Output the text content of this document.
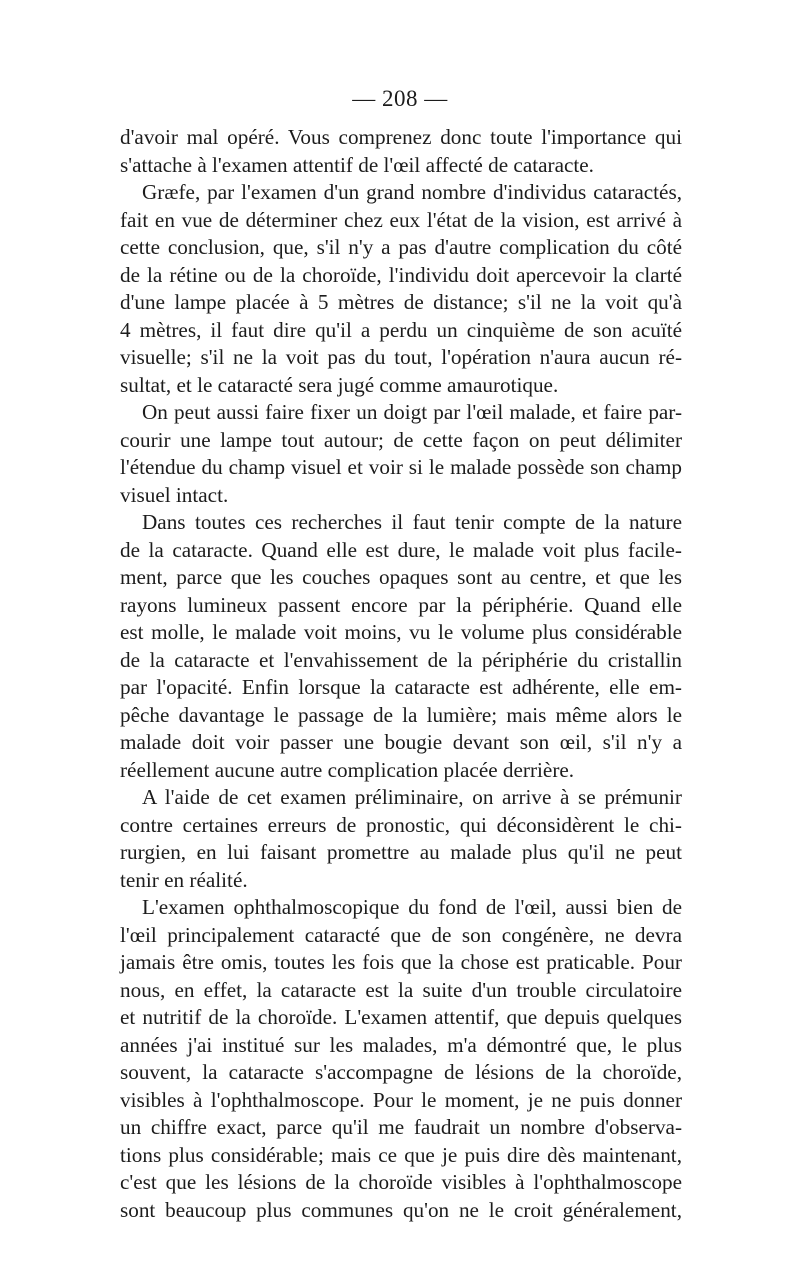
— 208 —
d'avoir mal opéré. Vous comprenez donc toute l'importance qui
s'attache à l'examen attentif de l'œil affecté de cataracte.
Græfe, par l'examen d'un grand nombre d'individus cataractés,
fait en vue de déterminer chez eux l'état de la vision, est arrivé à
cette conclusion, que, s'il n'y a pas d'autre complication du côté
de la rétine ou de la choroïde, l'individu doit apercevoir la clarté
d'une lampe placée à 5 mètres de distance; s'il ne la voit qu'à
4 mètres, il faut dire qu'il a perdu un cinquième de son acuïté
visuelle; s'il ne la voit pas du tout, l'opération n'aura aucun ré-
sultat, et le cataracté sera jugé comme amaurotique.
On peut aussi faire fixer un doigt par l'œil malade, et faire par-
courir une lampe tout autour; de cette façon on peut délimiter
l'étendue du champ visuel et voir si le malade possède son champ
visuel intact.
Dans toutes ces recherches il faut tenir compte de la nature
de la cataracte. Quand elle est dure, le malade voit plus facile-
ment, parce que les couches opaques sont au centre, et que les
rayons lumineux passent encore par la périphérie. Quand elle
est molle, le malade voit moins, vu le volume plus considérable
de la cataracte et l'envahissement de la périphérie du cristallin
par l'opacité. Enfin lorsque la cataracte est adhérente, elle em-
pêche davantage le passage de la lumière; mais même alors le
malade doit voir passer une bougie devant son œil, s'il n'y a
réellement aucune autre complication placée derrière.
A l'aide de cet examen préliminaire, on arrive à se prémunir
contre certaines erreurs de pronostic, qui déconsidèrent le chi-
rurgien, en lui faisant promettre au malade plus qu'il ne peut
tenir en réalité.
L'examen ophthalmoscopique du fond de l'œil, aussi bien de
l'œil principalement cataracté que de son congénère, ne devra
jamais être omis, toutes les fois que la chose est praticable. Pour
nous, en effet, la cataracte est la suite d'un trouble circulatoire
et nutritif de la choroïde. L'examen attentif, que depuis quelques
années j'ai institué sur les malades, m'a démontré que, le plus
souvent, la cataracte s'accompagne de lésions de la choroïde,
visibles à l'ophthalmoscope. Pour le moment, je ne puis donner
un chiffre exact, parce qu'il me faudrait un nombre d'observa-
tions plus considérable; mais ce que je puis dire dès maintenant,
c'est que les lésions de la choroïde visibles à l'ophthalmoscope
sont beaucoup plus communes qu'on ne le croit généralement,
